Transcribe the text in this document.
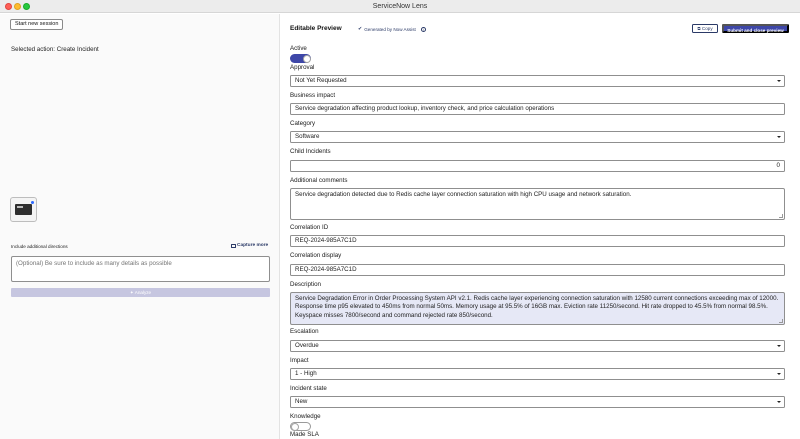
ServiceNow Lens
Start new session
Selected action: Create Incident
Include additional directions	Capture more
(Optional) Be sure to include as many details as possible
✦ Analyze
Editable Preview	✔ Generated by Now Assist	i	⧉ Copy	Submit and close preview
Active
Approval
Not Yet Requested
Business impact
Service degradation affecting product lookup, inventory check, and price calculation operations
Category
Software
Child Incidents
0
Additional comments
Service degradation detected due to Redis cache layer connection saturation with high CPU usage and network saturation.
Correlation ID
REQ-2024-985A7C1D
Correlation display
REQ-2024-985A7C1D
Description
Service Degradation Error in Order Processing System API v2.1. Redis cache layer experiencing connection saturation with 12580 current connections exceeding max of 12000. Response time p95 elevated to 450ms from normal 50ms. Memory usage at 95.5% of 16GB max. Eviction rate 11250/second. Hit rate dropped to 45.5% from normal 98.5%. Keyspace misses 7800/second and command rejected rate 850/second.
Escalation
Overdue
Impact
1 - High
Incident state
New
Knowledge
Made SLA
